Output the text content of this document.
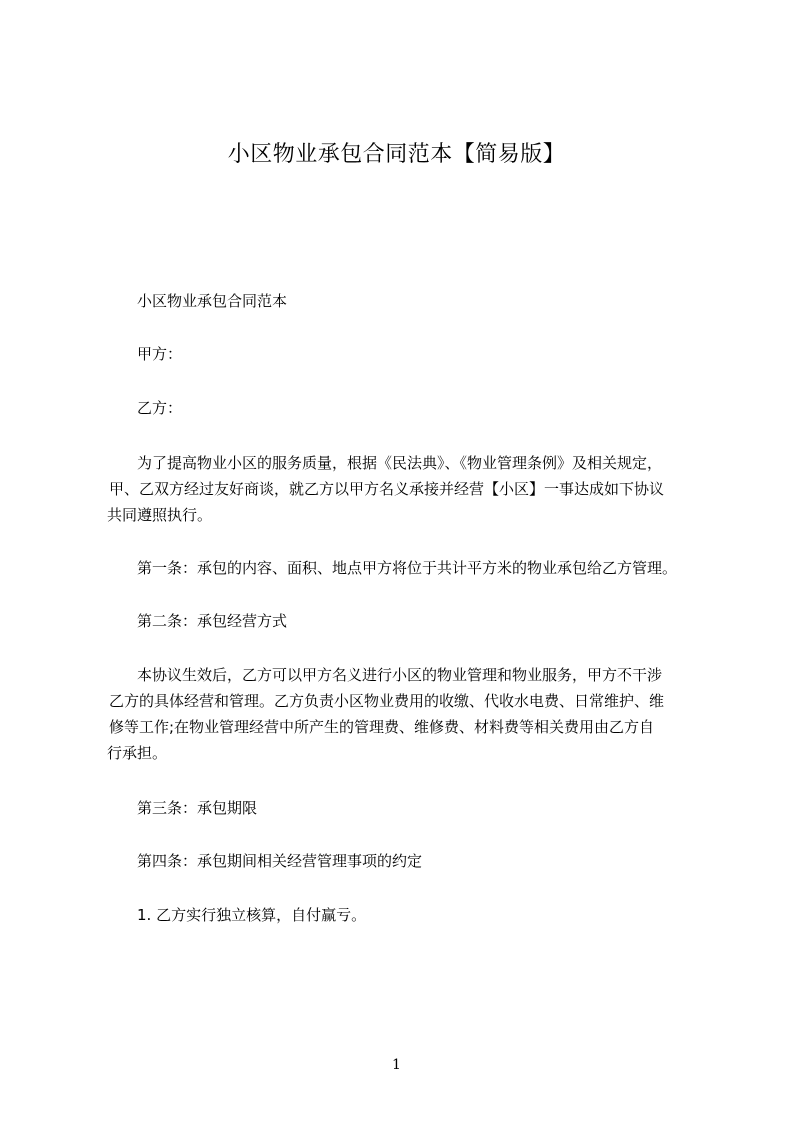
小区物业承包合同范本【简易版】

小区物业承包合同范本

甲方：

乙方：

为了提高物业小区的服务质量，根据《民法典》、《物业管理条例》及相关规定，
甲、乙双方经过友好商谈，就乙方以甲方名义承接并经营【小区】一事达成如下协议
共同遵照执行。

第一条：承包的内容、面积、地点甲方将位于共计平方米的物业承包给乙方管理。

第二条：承包经营方式

本协议生效后，乙方可以甲方名义进行小区的物业管理和物业服务，甲方不干涉
乙方的具体经营和管理。乙方负责小区物业费用的收缴、代收水电费、日常维护、维
修等工作;在物业管理经营中所产生的管理费、维修费、材料费等相关费用由乙方自
行承担。

第三条：承包期限

第四条：承包期间相关经营管理事项的约定

1. 乙方实行独立核算，自付赢亏。

1
